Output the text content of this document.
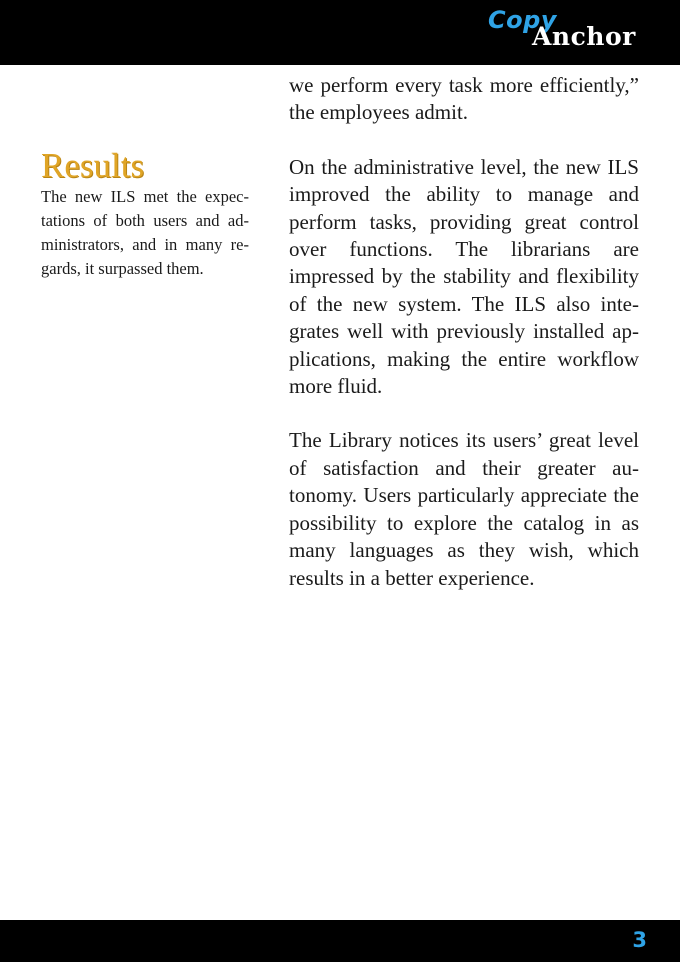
Copy
Anchor
Results

The new ILS met the expectations of both users and administrators, and in many regards, it surpassed them.

we perform every task more efficiently,” the employees admit.

On the administrative level, the new ILS improved the ability to manage and perform tasks, providing great control over functions. The librarians are impressed by the stability and flexibility of the new system. The ILS also integrates well with previously installed applications, making the entire workflow more fluid.

The Library notices its users’ great level of satisfaction and their greater autonomy. Users particularly appreciate the possibility to explore the catalog in as many languages as they wish, which results in a better experience.

3
